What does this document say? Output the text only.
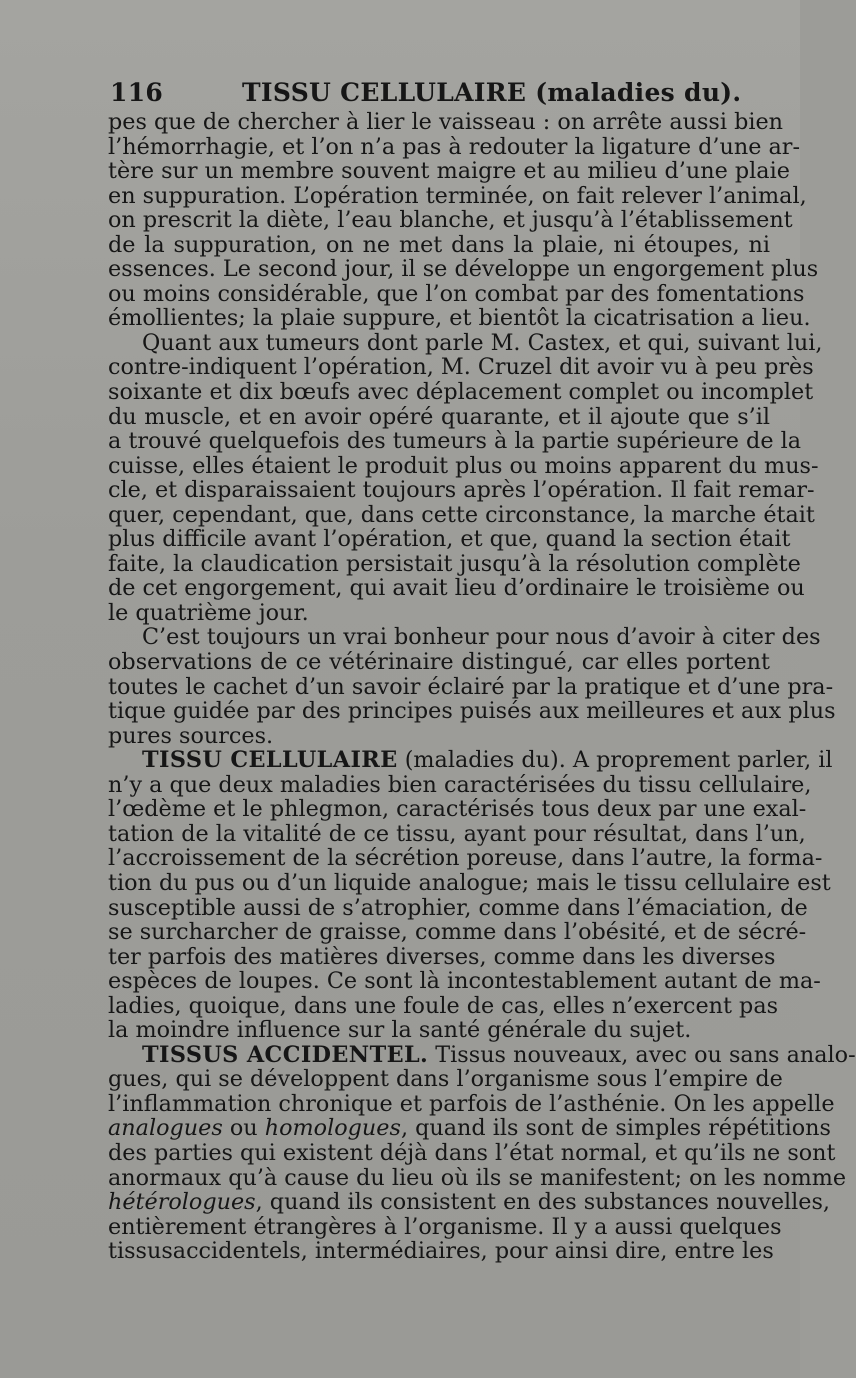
116	TISSU CELLULAIRE (maladies du).
pes que de chercher à lier le vaisseau : on arrête aussi bien
l’hémorrhagie, et l’on n’a pas à redouter la ligature d’une ar-
tère sur un membre souvent maigre et au milieu d’une plaie
en suppuration. L’opération terminée, on fait relever l’animal,
on prescrit la diète, l’eau blanche, et jusqu’à l’établissement
de la suppuration, on ne met dans la plaie, ni étoupes, ni
essences. Le second jour, il se développe un engorgement plus
ou moins considérable, que l’on combat par des fomentations
émollientes; la plaie suppure, et bientôt la cicatrisation a lieu.
Quant aux tumeurs dont parle M. Castex, et qui, suivant lui,
contre-indiquent l’opération, M. Cruzel dit avoir vu à peu près
soixante et dix bœufs avec déplacement complet ou incomplet
du muscle, et en avoir opéré quarante, et il ajoute que s’il
a trouvé quelquefois des tumeurs à la partie supérieure de la
cuisse, elles étaient le produit plus ou moins apparent du mus-
cle, et disparaissaient toujours après l’opération. Il fait remar-
quer, cependant, que, dans cette circonstance, la marche était
plus difficile avant l’opération, et que, quand la section était
faite, la claudication persistait jusqu’à la résolution complète
de cet engorgement, qui avait lieu d’ordinaire le troisième ou
le quatrième jour.
C’est toujours un vrai bonheur pour nous d’avoir à citer des
observations de ce vétérinaire distingué, car elles portent
toutes le cachet d’un savoir éclairé par la pratique et d’une pra-
tique guidée par des principes puisés aux meilleures et aux plus
pures sources.
TISSU CELLULAIRE (maladies du). A proprement parler, il
n’y a que deux maladies bien caractérisées du tissu cellulaire,
l’œdème et le phlegmon, caractérisés tous deux par une exal-
tation de la vitalité de ce tissu, ayant pour résultat, dans l’un,
l’accroissement de la sécrétion poreuse, dans l’autre, la forma-
tion du pus ou d’un liquide analogue; mais le tissu cellulaire est
susceptible aussi de s’atrophier, comme dans l’émaciation, de
se surcharcher de graisse, comme dans l’obésité, et de sécré-
ter parfois des matières diverses, comme dans les diverses
espèces de loupes. Ce sont là incontestablement autant de ma-
ladies, quoique, dans une foule de cas, elles n’exercent pas
la moindre influence sur la santé générale du sujet.
TISSUS ACCIDENTEL. Tissus nouveaux, avec ou sans analo-
gues, qui se développent dans l’organisme sous l’empire de
l’inflammation chronique et parfois de l’asthénie. On les appelle
analogues ou homologues, quand ils sont de simples répétitions
des parties qui existent déjà dans l’état normal, et qu’ils ne sont
anormaux qu’à cause du lieu où ils se manifestent; on les nomme
hétérologues, quand ils consistent en des substances nouvelles,
entièrement étrangères à l’organisme. Il y a aussi quelques
tissusaccidentels, intermédiaires, pour ainsi dire, entre les
